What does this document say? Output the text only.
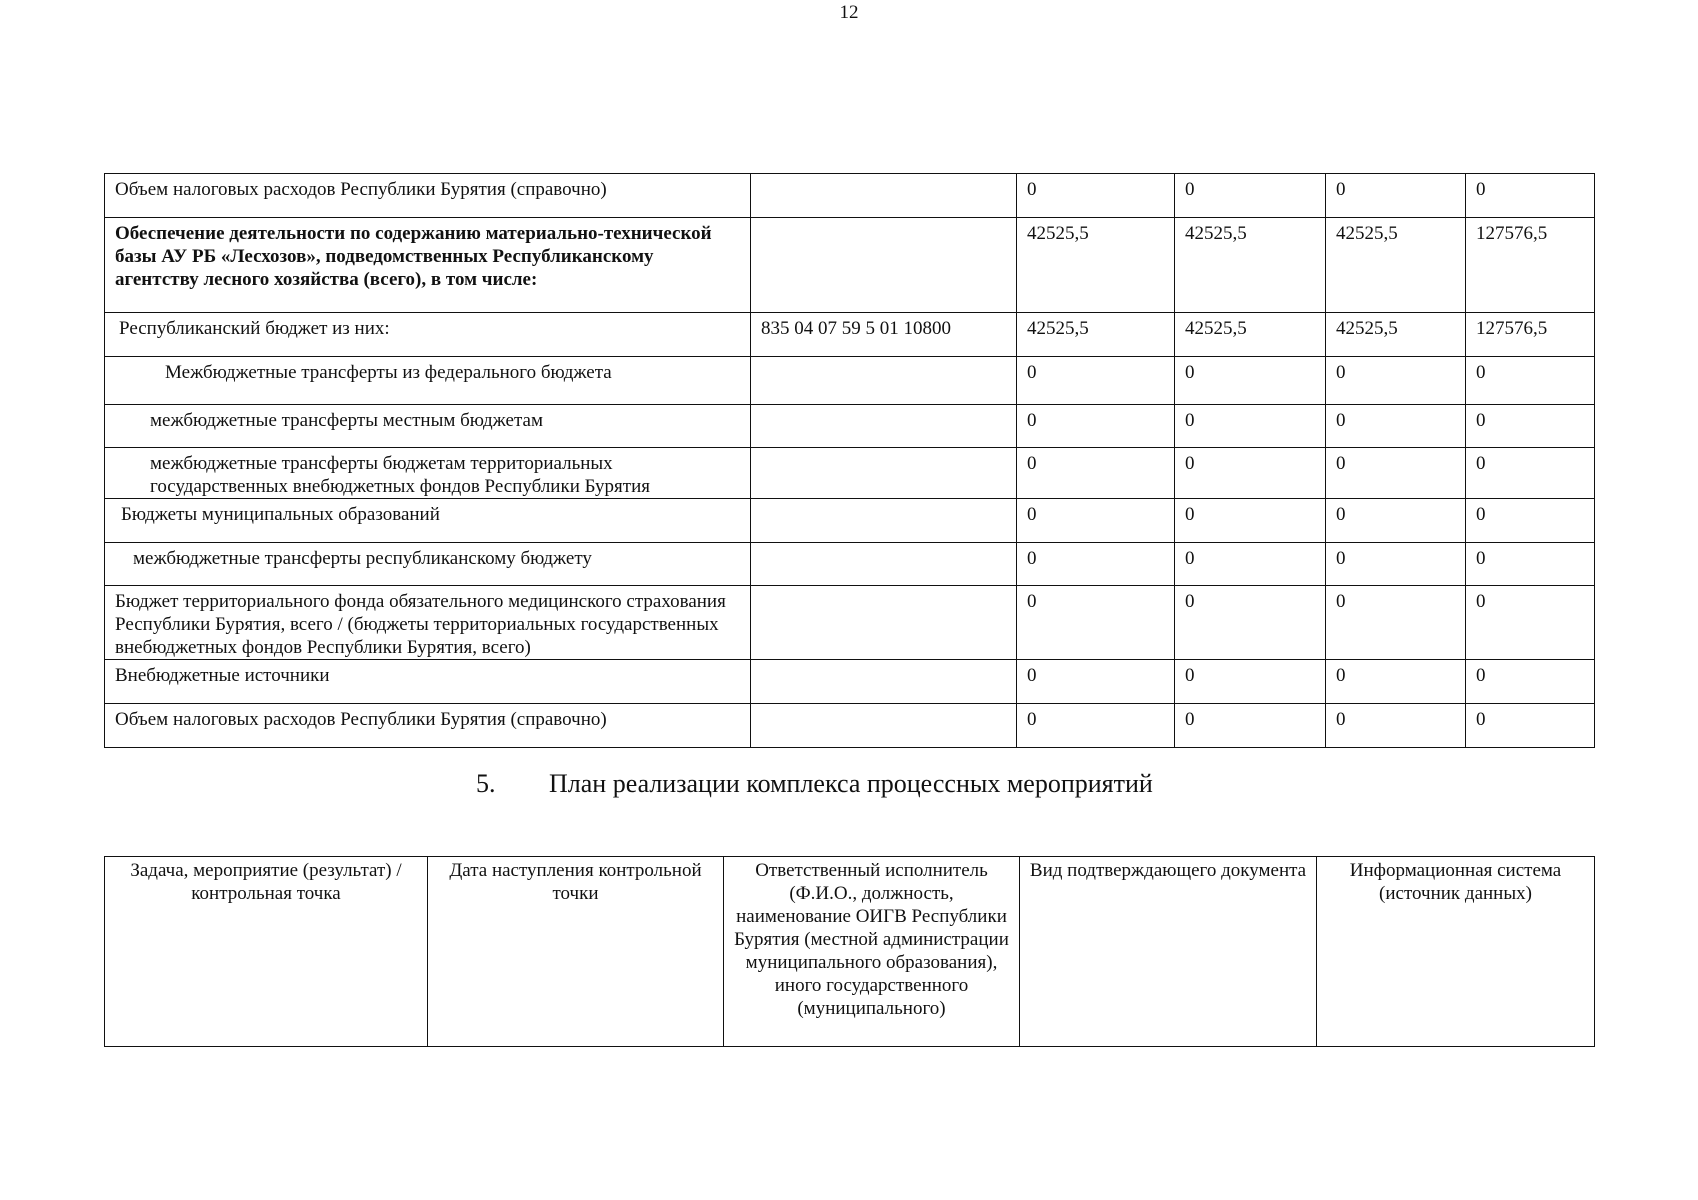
12
Объем налоговых расходов Республики Бурятия (справочно)		0	0	0	0
Обеспечение деятельности по содержанию материально-технической базы АУ РБ «Лесхозов», подведомственных Республиканскому агентству лесного хозяйства (всего), в том числе:		42525,5	42525,5	42525,5	127576,5
Республиканский бюджет из них:	835 04 07 59 5 01 10800	42525,5	42525,5	42525,5	127576,5
Межбюджетные трансферты из федерального бюджета		0	0	0	0
межбюджетные трансферты местным бюджетам		0	0	0	0
межбюджетные трансферты бюджетам территориальных государственных внебюджетных фондов Республики Бурятия		0	0	0	0
Бюджеты муниципальных образований		0	0	0	0
межбюджетные трансферты республиканскому бюджету		0	0	0	0
Бюджет территориального фонда обязательного медицинского страхования Республики Бурятия, всего / (бюджеты территориальных государственных внебюджетных фондов Республики Бурятия, всего)		0	0	0	0
Внебюджетные источники		0	0	0	0
Объем налоговых расходов Республики Бурятия (справочно)		0	0	0	0
5. План реализации комплекса процессных мероприятий
Задача, мероприятие (результат) / контрольная точка	Дата наступления контрольной точки	Ответственный исполнитель (Ф.И.О., должность, наименование ОИГВ Республики Бурятия (местной администрации муниципального образования), иного государственного (муниципального)	Вид подтверждающего документа	Информационная система (источник данных)
